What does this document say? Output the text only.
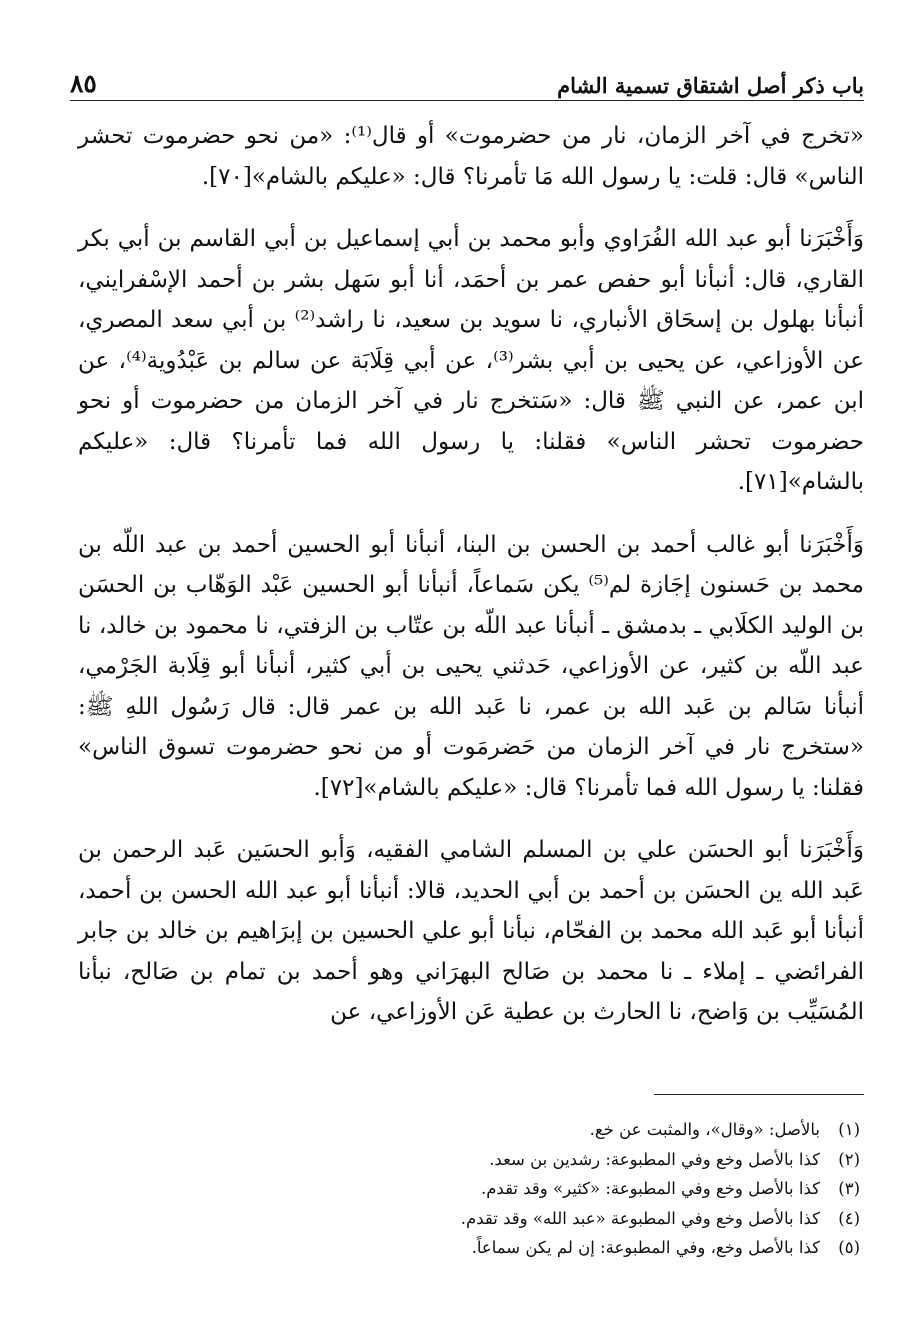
باب ذكر أصل اشتقاق تسمية الشام
٨٥

«تخرج في آخر الزمان، نار من حضرموت» أو قال⁽¹⁾: «من نحو حضرموت تحشر الناس» قال: قلت: يا رسول الله مَا تأمرنا؟ قال: «عليكم بالشام»[٧٠].

وَأَخْبَرَنا أبو عبد الله الفُرَاوي وأبو محمد بن أبي إسماعيل بن أبي القاسم بن أبي بكر القاري، قال: أنبأنا أبو حفص عمر بن أحمَد، أنا أبو سَهل بشر بن أحمد الإسْفرايني، أنبأنا بهلول بن إسحَاق الأنباري، نا سويد بن سعيد، نا راشد⁽²⁾ بن أبي سعد المصري، عن الأوزاعي، عن يحيى بن أبي بشر⁽³⁾، عن أبي قِلَابَة عن سالم بن عَبْدُوية⁽⁴⁾، عن ابن عمر، عن النبي ﷺ قال: «سَتخرج نار في آخر الزمان من حضرموت أو نحو حضرموت تحشر الناس» فقلنا: يا رسول الله فما تأمرنا؟ قال: «عليكم بالشام»[٧١].

وَأَخْبَرَنا أبو غالب أحمد بن الحسن بن البنا، أنبأنا أبو الحسين أحمد بن عبد اللّه بن محمد بن حَسنون إجَازة لم⁽⁵⁾ يكن سَماعاً، أنبأنا أبو الحسين عَبْد الوَهّاب بن الحسَن بن الوليد الكلَابي ـ بدمشق ـ أنبأنا عبد اللّه بن عتّاب بن الزفتي، نا محمود بن خالد، نا عبد اللّه بن كثير، عن الأوزاعي، حَدثني يحيى بن أبي كثير، أنبأنا أبو قِلَابة الجَرْمي، أنبأنا سَالم بن عَبد الله بن عمر، نا عَبد الله بن عمر قال: قال رَسُول اللهِ ﷺ: «ستخرج نار في آخر الزمان من حَضرمَوت أو من نحو حضرموت تسوق الناس» فقلنا: يا رسول الله فما تأمرنا؟ قال: «عليكم بالشام»[٧٢].

وَأَخْبَرَنا أبو الحسَن علي بن المسلم الشامي الفقيه، وَأبو الحسَين عَبد الرحمن بن عَبد الله ين الحسَن بن أحمد بن أبي الحديد، قالا: أنبأنا أبو عبد الله الحسن بن أحمد، أنبأنا أبو عَبد الله محمد بن الفحّام، نبأنا أبو علي الحسين بن إبرَاهيم بن خالد بن جابر الفرائضي ـ إملاء ـ نا محمد بن صَالح البهرَاني وهو أحمد بن تمام بن صَالح، نبأنا المُسَيِّب بن وَاضح، نا الحارث بن عطية عَن الأوزاعي، عن

(١)
بالأصل: «وقال»، والمثبت عن خع.
(٢)
كذا بالأصل وخع وفي المطبوعة: رشدين بن سعد.
(٣)
كذا بالأصل وخع وفي المطبوعة: «كثير» وقد تقدم.
(٤)
كذا بالأصل وخع وفي المطبوعة «عبد الله» وقد تقدم.
(٥)
كذا بالأصل وخع، وفي المطبوعة: إن لم يكن سماعاً.
